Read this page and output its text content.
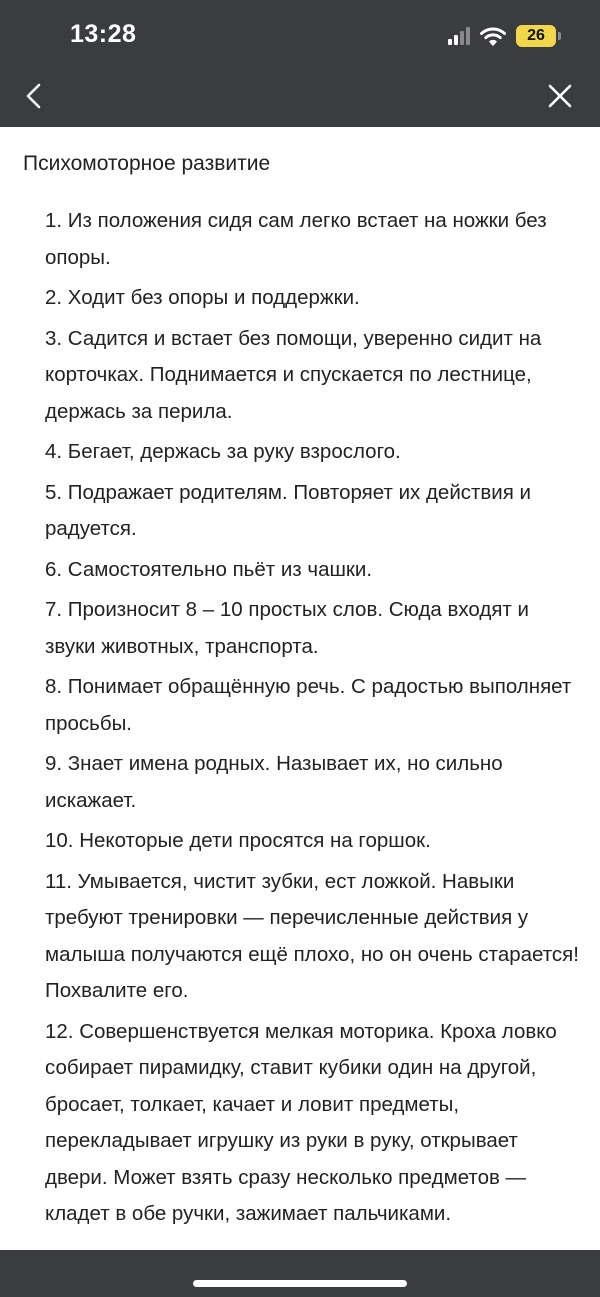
13:28	26
Психомоторное развитие
1. Из положения сидя сам легко встает на ножки без опоры.
2. Ходит без опоры и поддержки.
3. Садится и встает без помощи, уверенно сидит на корточках. Поднимается и спускается по лестнице, держась за перила.
4. Бегает, держась за руку взрослого.
5. Подражает родителям. Повторяет их действия и радуется.
6. Самостоятельно пьёт из чашки.
7. Произносит 8 – 10 простых слов. Сюда входят и звуки животных, транспорта.
8. Понимает обращённую речь. С радостью выполняет просьбы.
9. Знает имена родных. Называет их, но сильно искажает.
10. Некоторые дети просятся на горшок.
11. Умывается, чистит зубки, ест ложкой. Навыки требуют тренировки — перечисленные действия у малыша получаются ещё плохо, но он очень старается! Похвалите его.
12. Совершенствуется мелкая моторика. Кроха ловко собирает пирамидку, ставит кубики один на другой, бросает, толкает, качает и ловит предметы, перекладывает игрушку из руки в руку, открывает двери. Может взять сразу несколько предметов — кладет в обе ручки, зажимает пальчиками.
